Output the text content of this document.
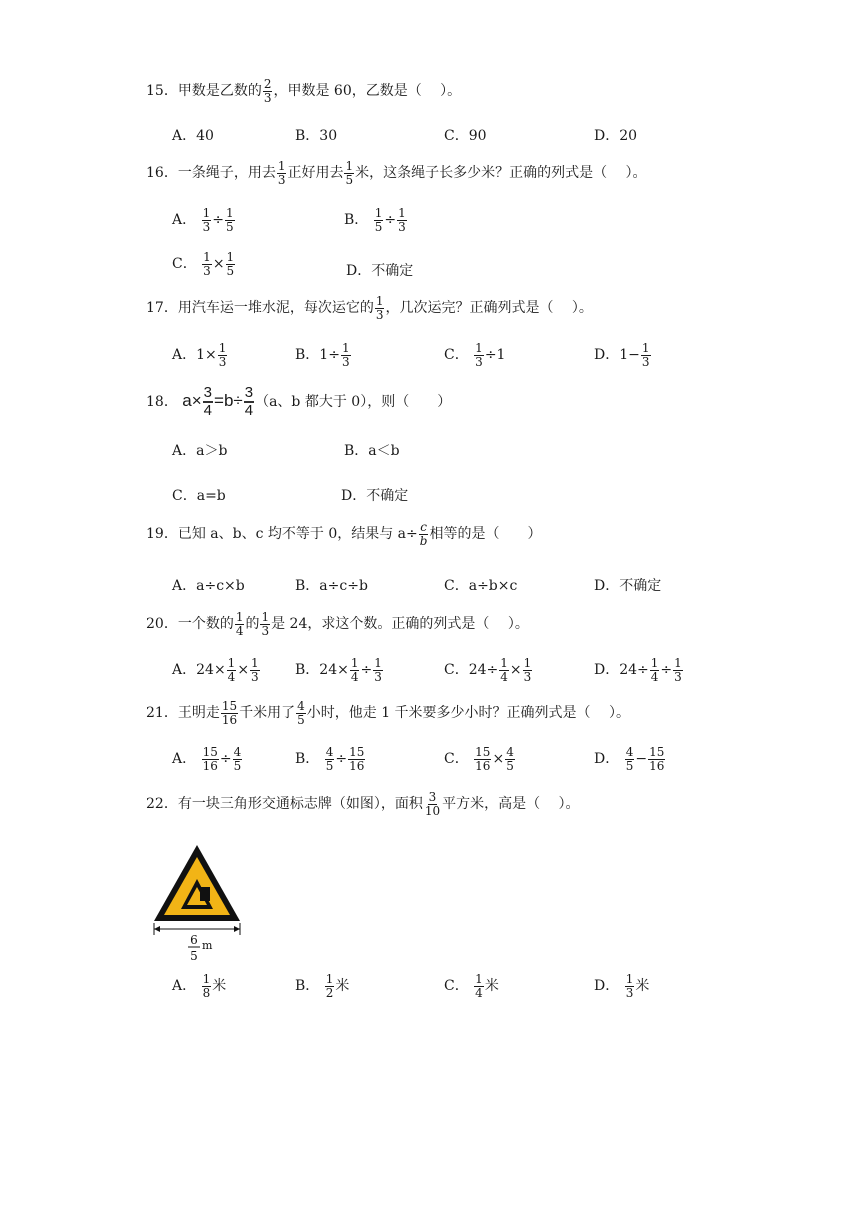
15．甲数是乙数的 $\frac{2}{3}$ ，甲数是 60，乙数是（　 ）。
A．40	B．30	C．90	D．20
16．一条绳子，用去 $\frac{1}{3}$ 正好用去 $\frac{1}{5}$ 米，这条绳子长多少米？正确的列式是（　 ）。
A． $\frac{1}{3} \div \frac{1}{5}$	B． $\frac{1}{5} \div \frac{1}{3}$
C． $\frac{1}{3} \times \frac{1}{5}$	D．不确定
17．用汽车运一堆水泥，每次运它的 $\frac{1}{3}$ ，几次运完？正确列式是（　 ）。
A．$1\times \frac{1}{3}$	B．$1\div \frac{1}{3}$	C． $\frac{1}{3} \div 1$	D．$1- \frac{1}{3}$
18． $a\times \frac{3}{4} =b\div \frac{3}{4} (a$、b 都大于 0），则（　　）
A．a＞b	B．a＜b
C．a=b	D．不确定
19．已知 a、b、c 均不等于 0，结果与 $a\div \frac{c}{b}$ 相等的是（　　）
A．a÷c×b	B．a÷c÷b	C．a÷b×c	D．不确定
20．一个数的 $\frac{1}{4}$ 的 $\frac{1}{3}$ 是 24，求这个数。正确的列式是（　 ）。
A．$24\times \frac{1}{4} \times \frac{1}{3}$	B．$24\times \frac{1}{4} \div \frac{1}{3}$	C．$24\div \frac{1}{4} \times \frac{1}{3}$	D．$24\div \frac{1}{4} \div \frac{1}{3}$
21．王明走 $\frac{15}{16}$ 千米用了 $\frac{4}{5}$ 小时，他走 1 千米要多少小时？正确列式是（　 ）。
A． $\frac{15}{16} \div \frac{4}{5}$	B． $\frac{4}{5} \div \frac{15}{16}$	C． $\frac{15}{16} \times \frac{4}{5}$	D． $\frac{4}{5} - \frac{15}{16}$
22．有一块三角形交通标志牌（如图），面积 $\frac{3}{10}$ 平方米，高是（　 ）。
6
5
m
A． $\frac{1}{8}$ 米	B． $\frac{1}{2}$ 米	C． $\frac{1}{4}$ 米	D． $\frac{1}{3}$ 米
